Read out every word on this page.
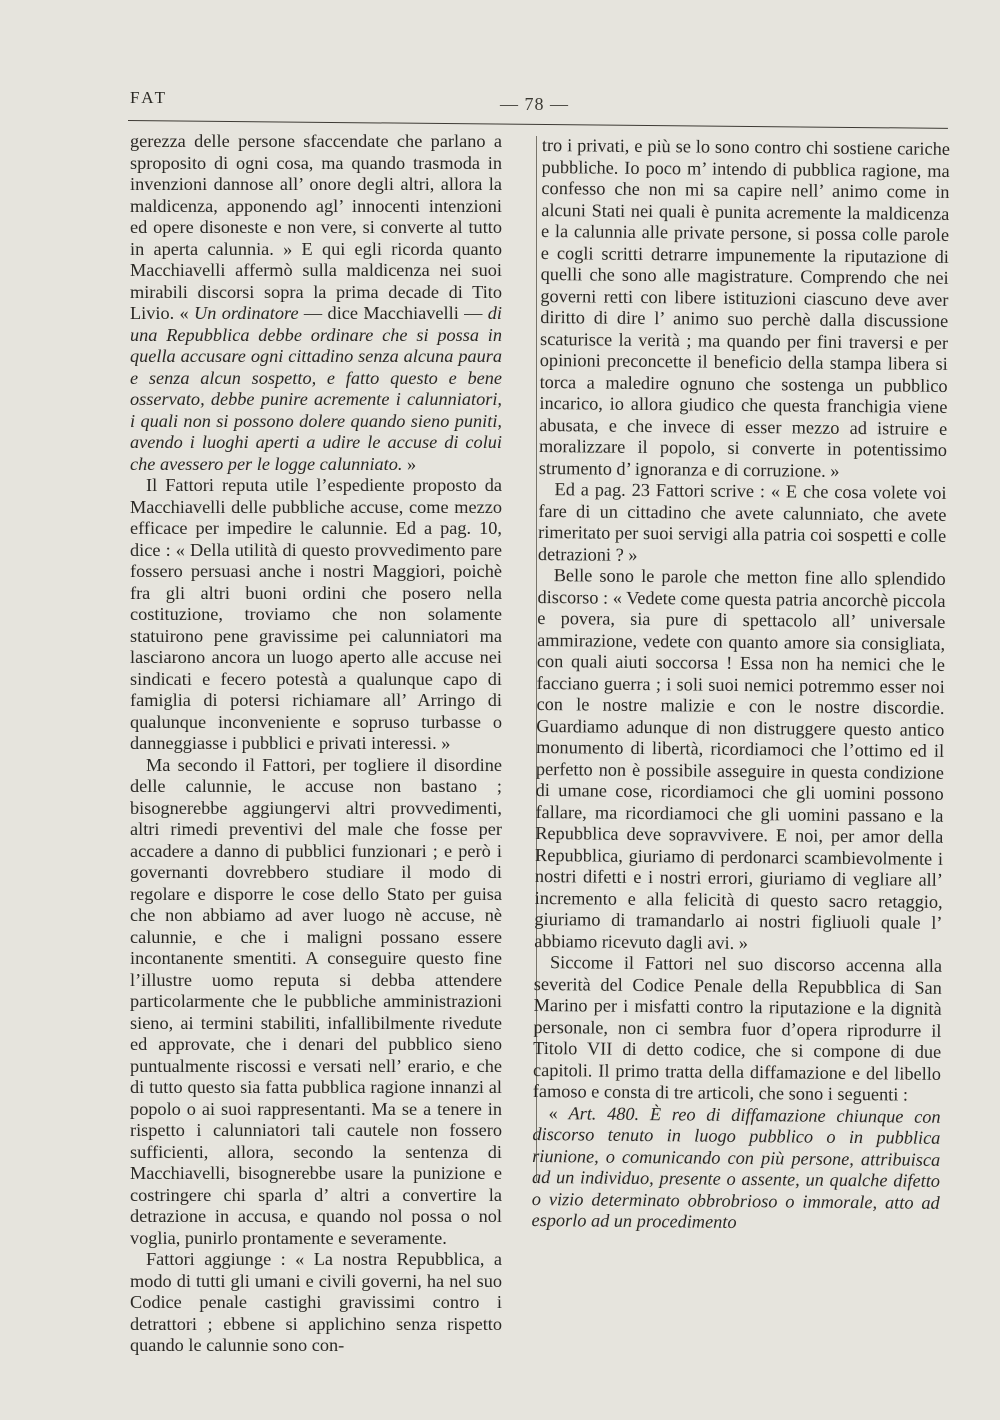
FAT	— 78 —

gerezza delle persone sfaccendate che parlano a sproposito di ogni cosa, ma quando trasmoda in invenzioni dannose all’ onore degli altri, allora la maldicenza, apponendo agl’ innocenti intenzioni ed opere disoneste e non vere, si converte al tutto in aperta calunnia. » E qui egli ricorda quanto Macchiavelli affermò sulla maldicenza nei suoi mirabili discorsi sopra la prima decade di Tito Livio. « Un ordinatore — dice Macchiavelli — di una Repubblica debbe ordinare che si possa in quella accusare ogni cittadino senza alcuna paura e senza alcun sospetto, e fatto questo e bene osservato, debbe punire acremente i calunniatori, i quali non si possono dolere quando sieno puniti, avendo i luoghi aperti a udire le accuse di colui che avessero per le logge calunniato. »

Il Fattori reputa utile l’espediente proposto da Macchiavelli delle pubbliche accuse, come mezzo efficace per impedire le calunnie. Ed a pag. 10, dice : « Della utilità di questo provvedimento pare fossero persuasi anche i nostri Maggiori, poichè fra gli altri buoni ordini che posero nella costituzione, troviamo che non solamente statuirono pene gravissime pei calunniatori ma lasciarono ancora un luogo aperto alle accuse nei sindicati e fecero potestà a qualunque capo di famiglia di potersi richiamare all’ Arringo di qualunque inconveniente e sopruso turbasse o danneggiasse i pubblici e privati interessi. »

Ma secondo il Fattori, per togliere il disordine delle calunnie, le accuse non bastano ; bisognerebbe aggiungervi altri provvedimenti, altri rimedi preventivi del male che fosse per accadere a danno di pubblici funzionari ; e però i governanti dovrebbero studiare il modo di regolare e disporre le cose dello Stato per guisa che non abbiamo ad aver luogo nè accuse, nè calunnie, e che i maligni possano essere incontanente smentiti. A conseguire questo fine l’illustre uomo reputa si debba attendere particolarmente che le pubbliche amministrazioni sieno, ai termini stabiliti, infallibilmente rivedute ed approvate, che i denari del pubblico sieno puntualmente riscossi e versati nell’ erario, e che di tutto questo sia fatta pubblica ragione innanzi al popolo o ai suoi rappresentanti. Ma se a tenere in rispetto i calunniatori tali cautele non fossero sufficienti, allora, secondo la sentenza di Macchiavelli, bisognerebbe usare la punizione e costringere chi sparla d’ altri a convertire la detrazione in accusa, e quando nol possa o nol voglia, punirlo prontamente e severamente.

Fattori aggiunge : « La nostra Repubblica, a modo di tutti gli umani e civili governi, ha nel suo Codice penale castighi gravissimi contro i detrattori ; ebbene si applichino senza rispetto quando le calunnie sono con-

tro i privati, e più se lo sono contro chi sostiene cariche pubbliche. Io poco m’ intendo di pubblica ragione, ma confesso che non mi sa capire nell’ animo come in alcuni Stati nei quali è punita acremente la maldicenza e la calunnia alle private persone, si possa colle parole e cogli scritti detrarre impunemente la riputazione di quelli che sono alle magistrature. Comprendo che nei governi retti con libere istituzioni ciascuno deve aver diritto di dire l’ animo suo perchè dalla discussione scaturisce la verità ; ma quando per fini traversi e per opinioni preconcette il beneficio della stampa libera si torca a maledire ognuno che sostenga un pubblico incarico, io allora giudico che questa franchigia viene abusata, e che invece di esser mezzo ad istruire e moralizzare il popolo, si converte in potentissimo strumento d’ ignoranza e di corruzione. »

Ed a pag. 23 Fattori scrive : « E che cosa volete voi fare di un cittadino che avete calunniato, che avete rimeritato per suoi servigi alla patria coi sospetti e colle detrazioni ? »

Belle sono le parole che metton fine allo splendido discorso : « Vedete come questa patria ancorchè piccola e povera, sia pure di spettacolo all’ universale ammirazione, vedete con quanto amore sia consigliata, con quali aiuti soccorsa ! Essa non ha nemici che le facciano guerra ; i soli suoi nemici potremmo esser noi con le nostre malizie e con le nostre discordie. Guardiamo adunque di non distruggere questo antico monumento di libertà, ricordiamoci che l’ottimo ed il perfetto non è possibile asseguire in questa condizione di umane cose, ricordiamoci che gli uomini possono fallare, ma ricordiamoci che gli uomini passano e la Repubblica deve sopravvivere. E noi, per amor della Repubblica, giuriamo di perdonarci scambievolmente i nostri difetti e i nostri errori, giuriamo di vegliare all’ incremento e alla felicità di questo sacro retaggio, giuriamo di tramandarlo ai nostri figliuoli quale l’ abbiamo ricevuto dagli avi. »

Siccome il Fattori nel suo discorso accenna alla severità del Codice Penale della Repubblica di San Marino per i misfatti contro la riputazione e la dignità personale, non ci sembra fuor d’opera riprodurre il Titolo VII di detto codice, che si compone di due capitoli. Il primo tratta della diffamazione e del libello famoso e consta di tre articoli, che sono i seguenti :

« Art. 480. È reo di diffamazione chiunque con discorso tenuto in luogo pubblico o in pubblica riunione, o comunicando con più persone, attribuisca ad un individuo, presente o assente, un qualche difetto o vizio determinato obbrobrioso o immorale, atto ad esporlo ad un procedimento
